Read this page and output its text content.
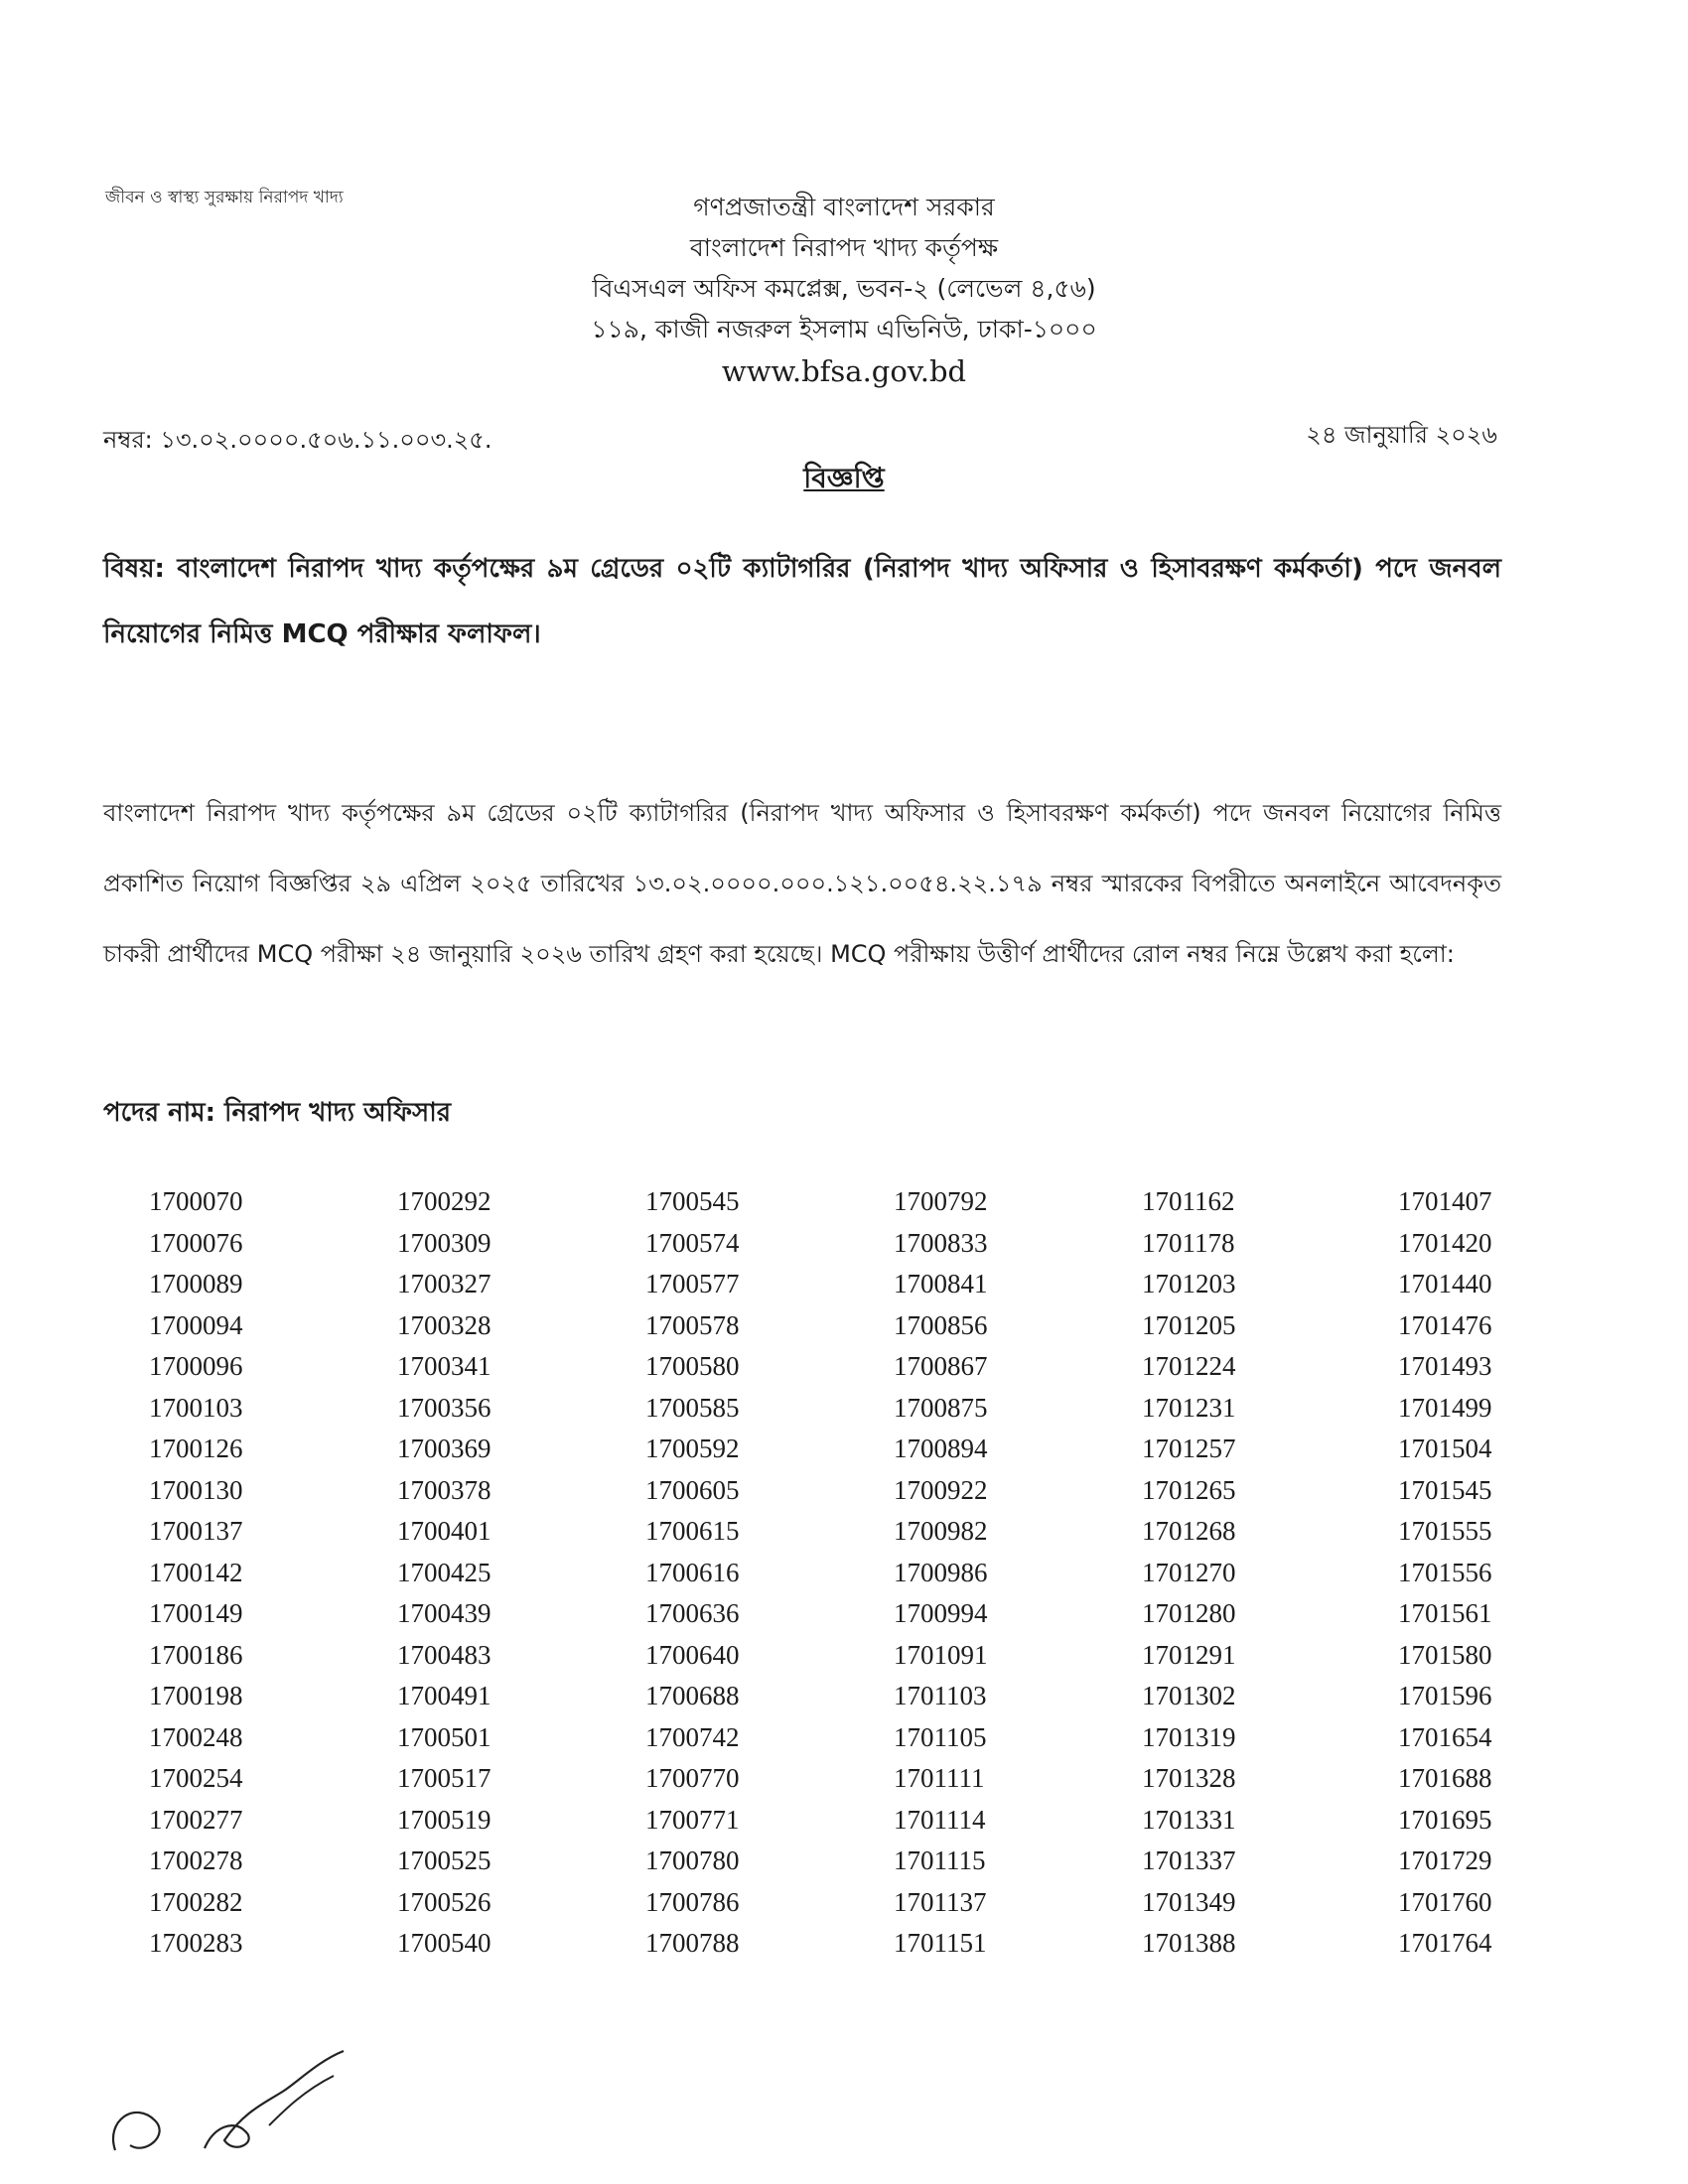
জীবন ও স্বাস্থ্য সুরক্ষায় নিরাপদ খাদ্য	গণপ্রজাতন্ত্রী বাংলাদেশ সরকার
বাংলাদেশ নিরাপদ খাদ্য কর্তৃপক্ষ
বিএসএল অফিস কমপ্লেক্স, ভবন-২ (লেভেল ৪,৫৬)
১১৯, কাজী নজরুল ইসলাম এভিনিউ, ঢাকা-১০০০
www.bfsa.gov.bd
নম্বর: ১৩.০২.০০০০.৫০৬.১১.০০৩.২৫.	২৪ জানুয়ারি ২০২৬
বিজ্ঞপ্তি
বিষয়: বাংলাদেশ নিরাপদ খাদ্য কর্তৃপক্ষের ৯ম গ্রেডের ০২টি ক্যাটাগরির (নিরাপদ খাদ্য অফিসার ও হিসাবরক্ষণ কর্মকর্তা) পদে জনবল নিয়োগের নিমিত্ত MCQ পরীক্ষার ফলাফল।
বাংলাদেশ নিরাপদ খাদ্য কর্তৃপক্ষের ৯ম গ্রেডের ০২টি ক্যাটাগরির (নিরাপদ খাদ্য অফিসার ও হিসাবরক্ষণ কর্মকর্তা) পদে জনবল নিয়োগের নিমিত্ত প্রকাশিত নিয়োগ বিজ্ঞপ্তির ২৯ এপ্রিল ২০২৫ তারিখের ১৩.০২.০০০০.০০০.১২১.০০৫৪.২২.১৭৯ নম্বর স্মারকের বিপরীতে অনলাইনে আবেদনকৃত চাকরী প্রার্থীদের MCQ পরীক্ষা ২৪ জানুয়ারি ২০২৬ তারিখ গ্রহণ করা হয়েছে। MCQ পরীক্ষায় উত্তীর্ণ প্রার্থীদের রোল নম্বর নিম্নে উল্লেখ করা হলো:
পদের নাম: নিরাপদ খাদ্য অফিসার
1700070
1700076
1700089
1700094
1700096
1700103
1700126
1700130
1700137
1700142
1700149
1700186
1700198
1700248
1700254
1700277
1700278
1700282
1700283
1700292
1700309
1700327
1700328
1700341
1700356
1700369
1700378
1700401
1700425
1700439
1700483
1700491
1700501
1700517
1700519
1700525
1700526
1700540
1700545
1700574
1700577
1700578
1700580
1700585
1700592
1700605
1700615
1700616
1700636
1700640
1700688
1700742
1700770
1700771
1700780
1700786
1700788
1700792
1700833
1700841
1700856
1700867
1700875
1700894
1700922
1700982
1700986
1700994
1701091
1701103
1701105
1701111
1701114
1701115
1701137
1701151
1701162
1701178
1701203
1701205
1701224
1701231
1701257
1701265
1701268
1701270
1701280
1701291
1701302
1701319
1701328
1701331
1701337
1701349
1701388
1701407
1701420
1701440
1701476
1701493
1701499
1701504
1701545
1701555
1701556
1701561
1701580
1701596
1701654
1701688
1701695
1701729
1701760
1701764
